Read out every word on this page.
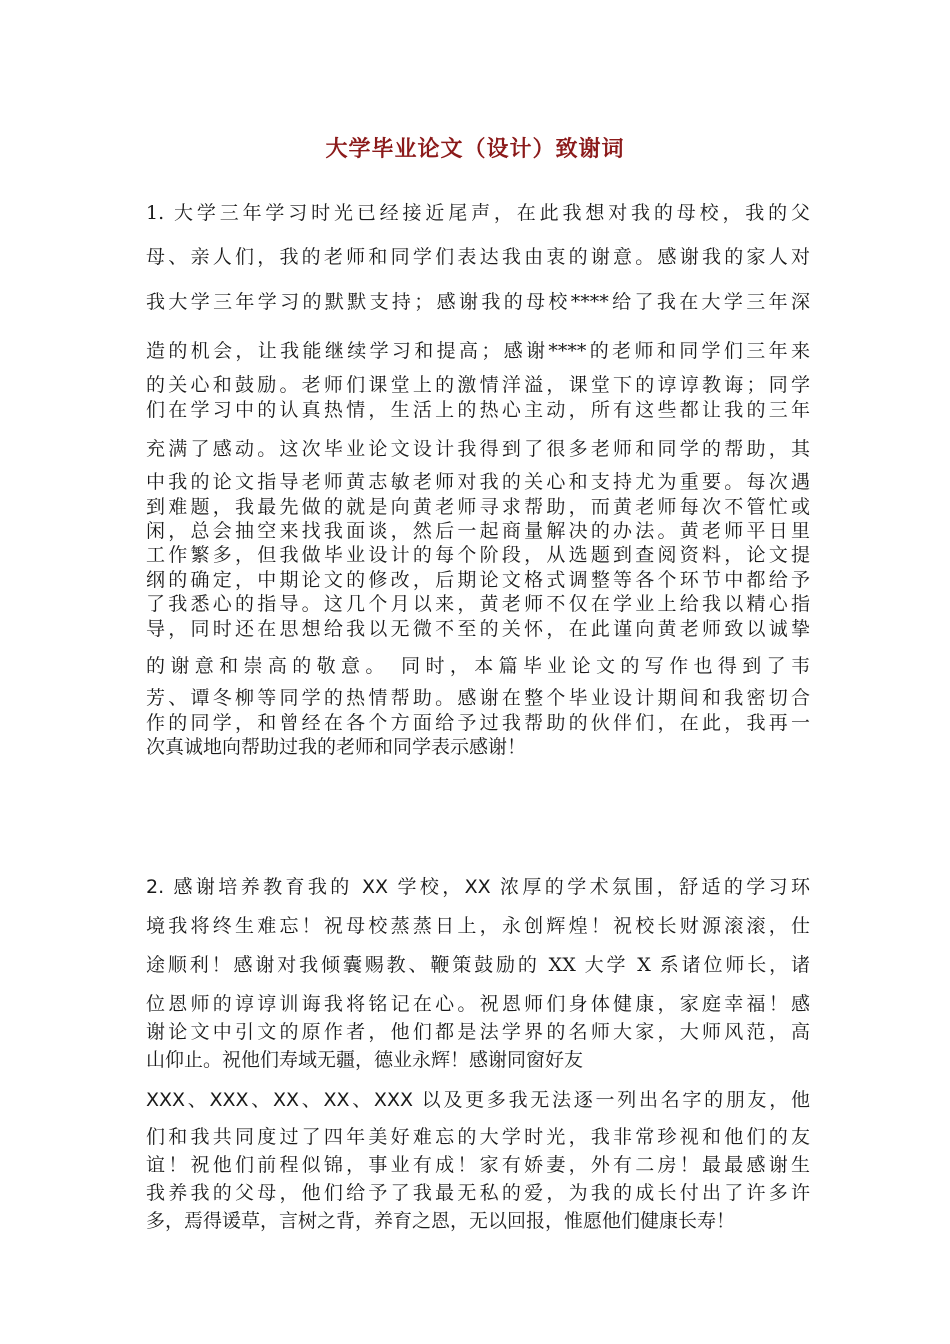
大学毕业论文（设计）致谢词
1. 大学三年学习时光已经接近尾声，在此我想对我的母校，我的父
母、亲人们，我的老师和同学们表达我由衷的谢意。感谢我的家人对
我大学三年学习的默默支持；感谢我的母校****给了我在大学三年深
造的机会，让我能继续学习和提高；感谢****的老师和同学们三年来
的关心和鼓励。老师们课堂上的激情洋溢，课堂下的谆谆教诲；同学
们在学习中的认真热情，生活上的热心主动，所有这些都让我的三年
充满了感动。这次毕业论文设计我得到了很多老师和同学的帮助，其
中我的论文指导老师黄志敏老师对我的关心和支持尤为重要。每次遇
到难题，我最先做的就是向黄老师寻求帮助，而黄老师每次不管忙或
闲，总会抽空来找我面谈，然后一起商量解决的办法。黄老师平日里
工作繁多，但我做毕业设计的每个阶段，从选题到查阅资料，论文提
纲的确定，中期论文的修改，后期论文格式调整等各个环节中都给予
了我悉心的指导。这几个月以来，黄老师不仅在学业上给我以精心指
导，同时还在思想给我以无微不至的关怀，在此谨向黄老师致以诚挚
的谢意和崇高的敬意。 同时，本篇毕业论文的写作也得到了韦
芳、谭冬柳等同学的热情帮助。感谢在整个毕业设计期间和我密切合
作的同学，和曾经在各个方面给予过我帮助的伙伴们，在此，我再一
次真诚地向帮助过我的老师和同学表示感谢！
2. 感谢培养教育我的 XX 学校，XX 浓厚的学术氛围，舒适的学习环
境我将终生难忘！祝母校蒸蒸日上，永创辉煌！祝校长财源滚滚，仕
途顺利！感谢对我倾囊赐教、鞭策鼓励的 XX 大学 X 系诸位师长，诸
位恩师的谆谆训诲我将铭记在心。祝恩师们身体健康，家庭幸福！感
谢论文中引文的原作者，他们都是法学界的名师大家，大师风范，高
山仰止。祝他们寿域无疆，德业永辉！感谢同窗好友
XXX、XXX、XX、XX、XXX 以及更多我无法逐一列出名字的朋友，他
们和我共同度过了四年美好难忘的大学时光，我非常珍视和他们的友
谊！祝他们前程似锦，事业有成！家有娇妻，外有二房！最最感谢生
我养我的父母，他们给予了我最无私的爱，为我的成长付出了许多许
多，焉得谖草，言树之背，养育之恩，无以回报，惟愿他们健康长寿！
